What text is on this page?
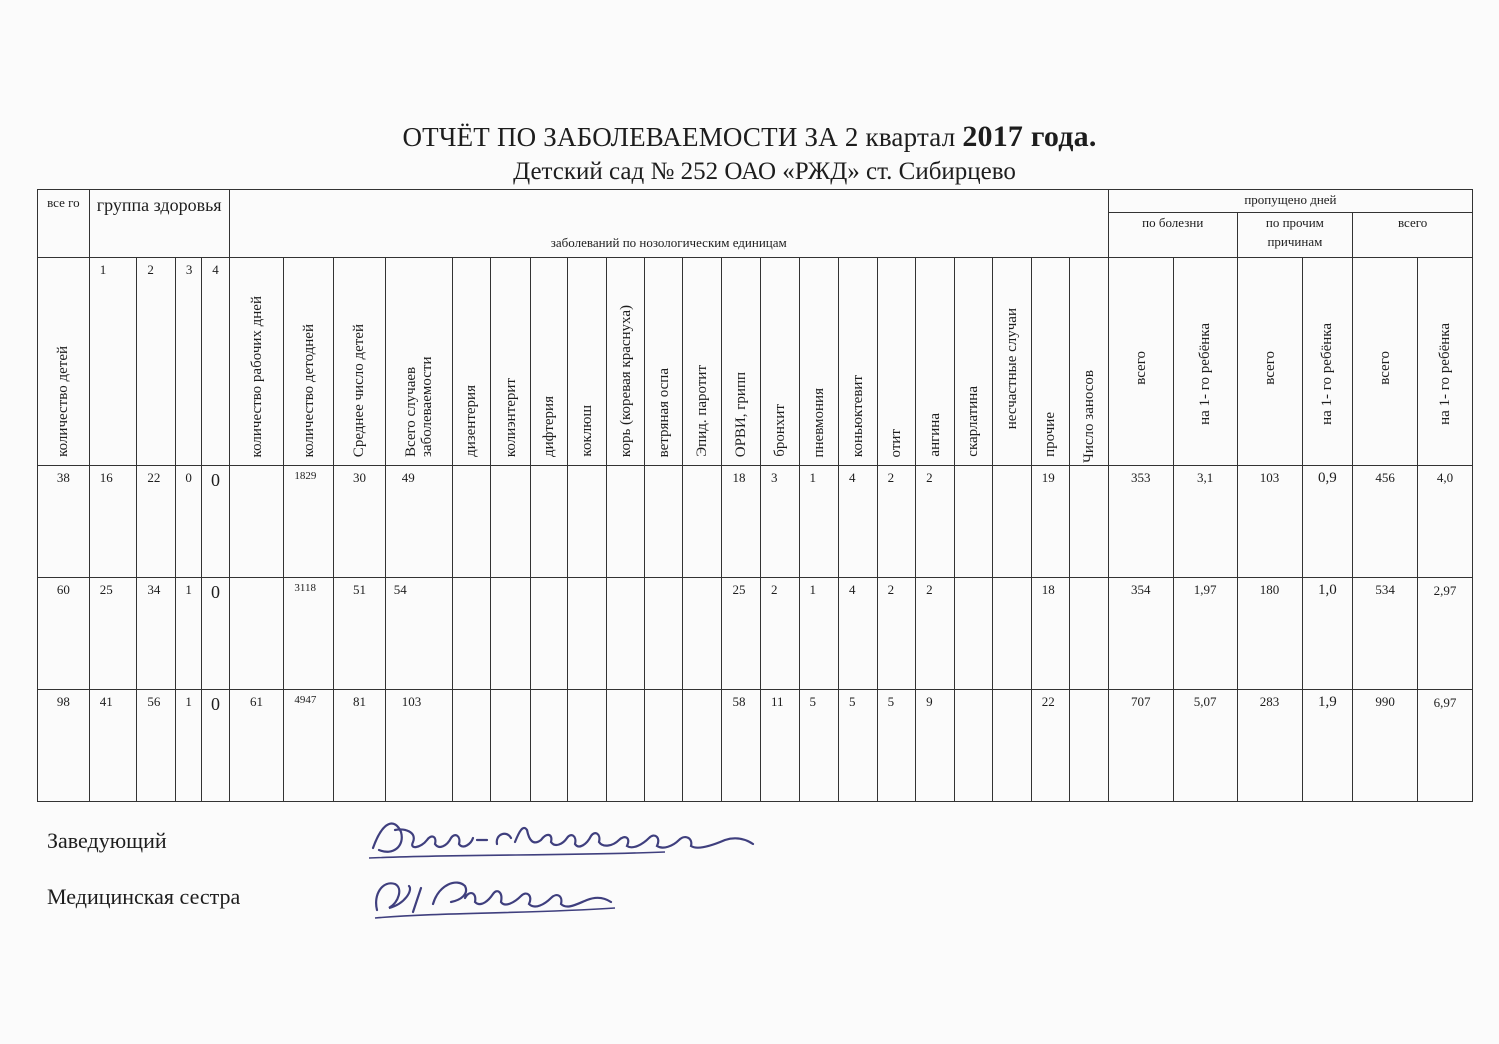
ОТЧЁТ ПО ЗАБОЛЕВАЕМОСТИ ЗА 2 квартал 2017 года.
Детский сад № 252 ОАО «РЖД» ст. Сибирцево
все го	группа здоровья				заболеваний по нозологическим единицам																					пропущено дней					
																										по болезни		по прочим причинам		всего	

количество детей	1	2	3	4	количество рабочих дней	количество детодней	Среднее число детей	Всего случаев заболеваемости	дизентерия	колиэнтерит	дифтерия	коклюш	корь (коревая краснуха)	ветряная оспа	Эпид. паротит	ОРВИ, грипп	бронхит	пневмония	коньюктевит	отит	ангина	скарлатина	несчастные случаи	прочие	Число заносов	всего	на 1- го ребёнка	всего	на 1- го ребёнка	всего	на 1- го ребёнка

38	16	22	0	0		1829	30	49								18	3	1	4	2	2			19		353	3,1	103	0,9	456	4,0
60	25	34	1	0		3118	51	54								25	2	1	4	2	2			18		354	1,97	180	1,0	534	2,97
98	41	56	1	0	61	4947	81	103								58	11	5	5	5	9			22		707	5,07	283	1,9	990	6,97
Заведующий
Медицинская сестра
